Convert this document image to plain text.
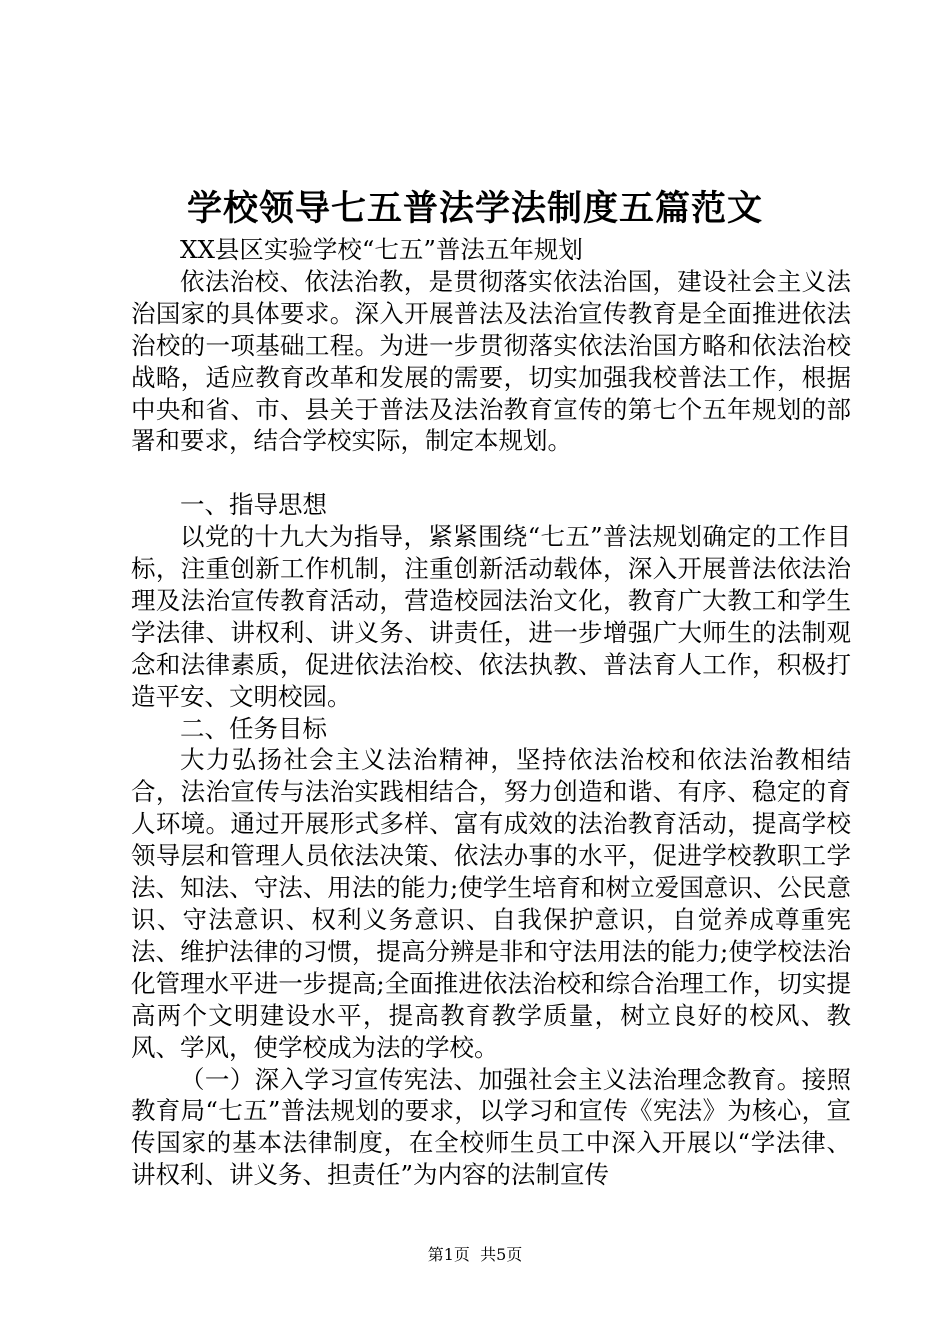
学校领导七五普法学法制度五篇范文

XX县区实验学校“七五”普法五年规划

依法治校、依法治教，是贯彻落实依法治国，建设社会主义法治国家的具体要求。深入开展普法及法治宣传教育是全面推进依法治校的一项基础工程。为进一步贯彻落实依法治国方略和依法治校战略，适应教育改革和发展的需要，切实加强我校普法工作，根据中央和省、市、县关于普法及法治教育宣传的第七个五年规划的部署和要求，结合学校实际，制定本规划。

一、指导思想

以党的十九大为指导，紧紧围绕“七五”普法规划确定的工作目标，注重创新工作机制，注重创新活动载体，深入开展普法依法治理及法治宣传教育活动，营造校园法治文化，教育广大教工和学生学法律、讲权利、讲义务、讲责任，进一步增强广大师生的法制观念和法律素质，促进依法治校、依法执教、普法育人工作，积极打造平安、文明校园。

二、任务目标

大力弘扬社会主义法治精神，坚持依法治校和依法治教相结合，法治宣传与法治实践相结合，努力创造和谐、有序、稳定的育人环境。通过开展形式多样、富有成效的法治教育活动，提高学校领导层和管理人员依法决策、依法办事的水平，促进学校教职工学法、知法、守法、用法的能力;使学生培育和树立爱国意识、公民意识、守法意识、权利义务意识、自我保护意识，自觉养成尊重宪法、维护法律的习惯，提高分辨是非和守法用法的能力;使学校法治化管理水平进一步提高;全面推进依法治校和综合治理工作，切实提高两个文明建设水平，提高教育教学质量，树立良好的校风、教风、学风，使学校成为法的学校。

（一）深入学习宣传宪法、加强社会主义法治理念教育。接照教育局“七五”普法规划的要求，以学习和宣传《宪法》为核心，宣传国家的基本法律制度，在全校师生员工中深入开展以“学法律、讲权利、讲义务、担责任”为内容的法制宣传

第1页  共5页
